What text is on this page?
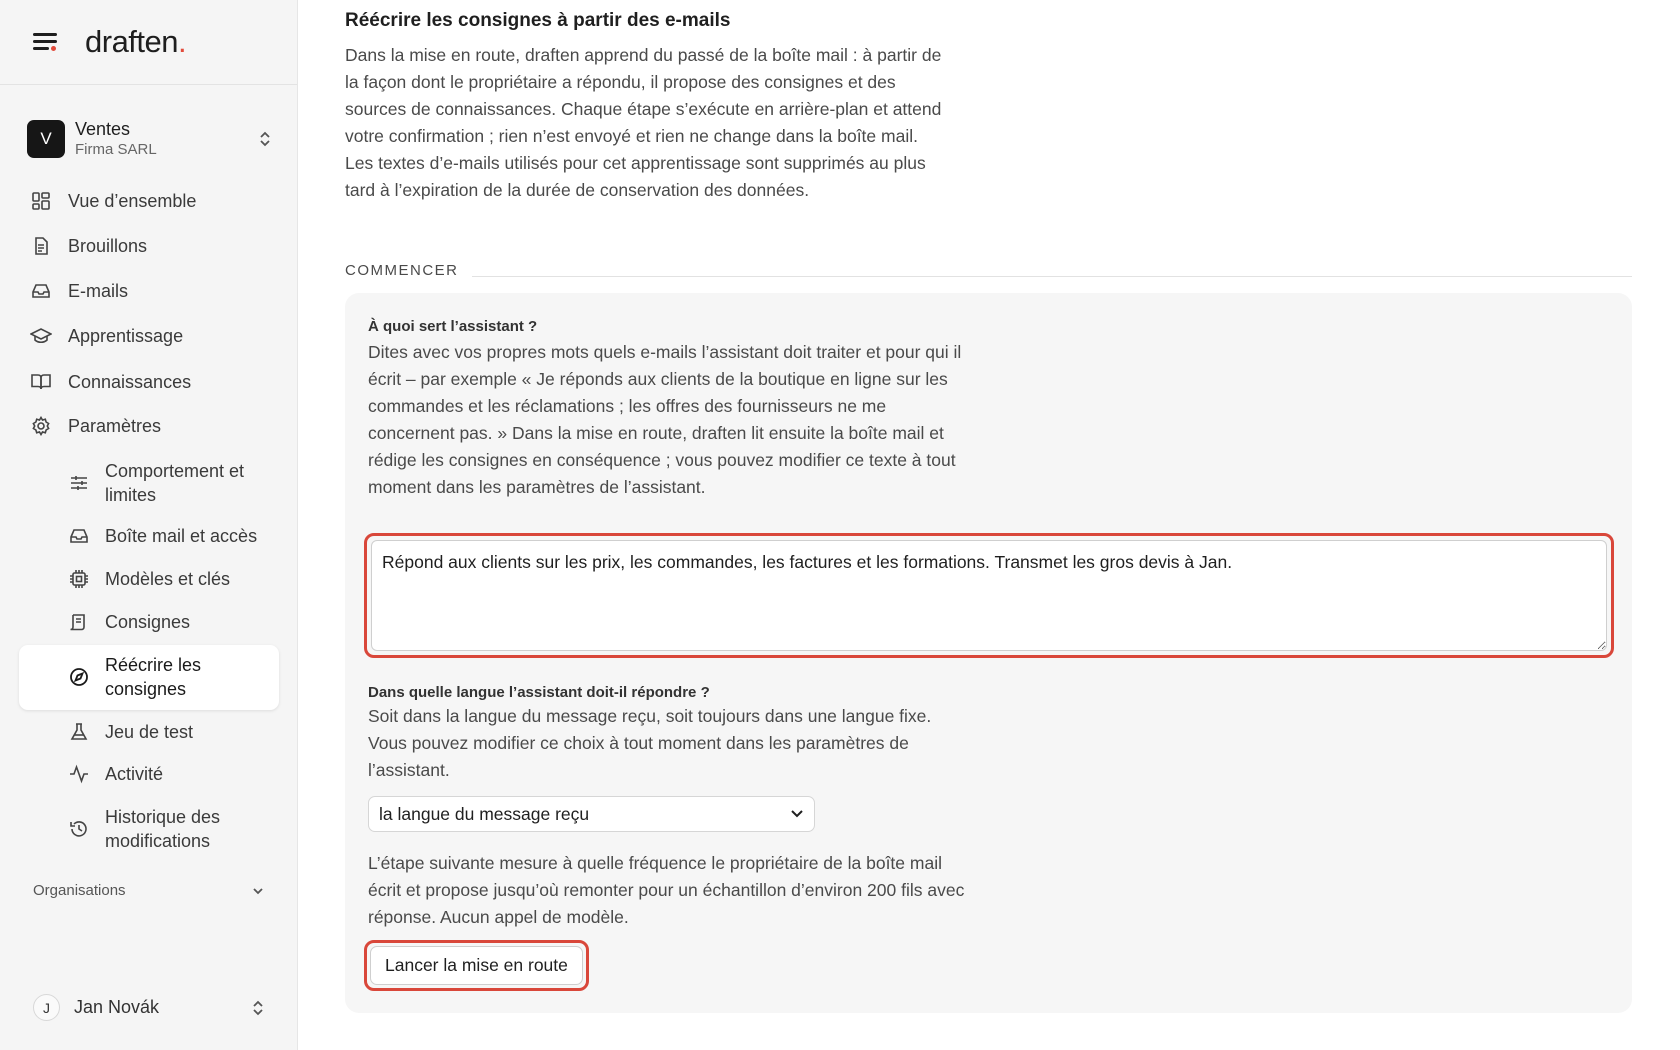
draften.
V	Ventes
Firma SARL
Vue d’ensemble
Brouillons
E-mails
Apprentissage
Connaissances
Paramètres
Comportement et limites
Boîte mail et accès
Modèles et clés
Consignes
Réécrire les consignes
Jeu de test
Activité
Historique des modifications
Organisations
J	Jan Novák
Réécrire les consignes à partir des e-mails

Dans la mise en route, draften apprend du passé de la boîte mail : à partir de la façon dont le propriétaire a répondu, il propose des consignes et des sources de connaissances. Chaque étape s’exécute en arrière-plan et attend votre confirmation ; rien n’est envoyé et rien ne change dans la boîte mail. Les textes d’e-mails utilisés pour cet apprentissage sont supprimés au plus tard à l’expiration de la durée de conservation des données.

COMMENCER
À quoi sert l’assistant ?

Dites avec vos propres mots quels e-mails l’assistant doit traiter et pour qui il écrit – par exemple « Je réponds aux clients de la boutique en ligne sur les commandes et les réclamations ; les offres des fournisseurs ne me concernent pas. » Dans la mise en route, draften lit ensuite la boîte mail et rédige les consignes en conséquence ; vous pouvez modifier ce texte à tout moment dans les paramètres de l’assistant.

Répond aux clients sur les prix, les commandes, les factures et les formations. Transmet les gros devis à Jan.
Dans quelle langue l’assistant doit-il répondre ?

Soit dans la langue du message reçu, soit toujours dans une langue fixe. Vous pouvez modifier ce choix à tout moment dans les paramètres de l’assistant.

la langue du message reçu

L’étape suivante mesure à quelle fréquence le propriétaire de la boîte mail écrit et propose jusqu’où remonter pour un échantillon d’environ 200 fils avec réponse. Aucun appel de modèle.

Lancer la mise en route
